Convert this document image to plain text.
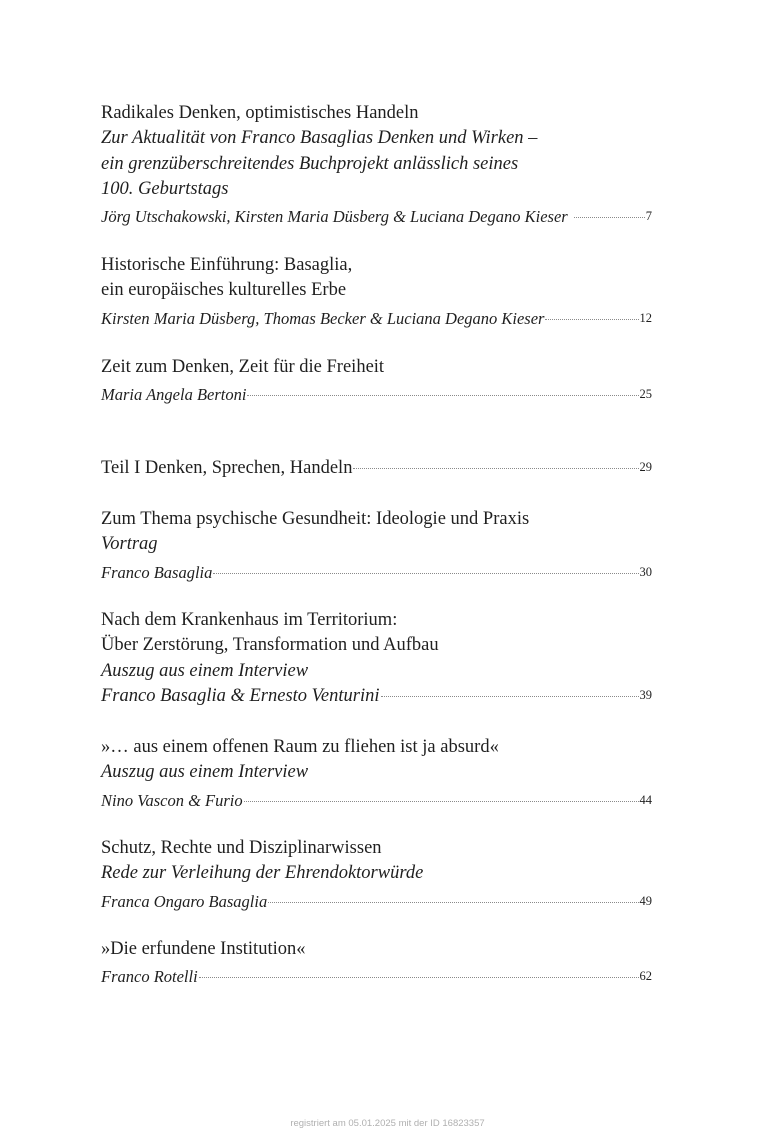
Radikales Denken, optimistisches Handeln
Zur Aktualität von Franco Basaglias Denken und Wirken –
ein grenzüberschreitendes Buchprojekt anlässlich seines
100. Geburtstags
Jörg Utschakowski, Kirsten Maria Düsberg & Luciana Degano Kieser	7
Historische Einführung: Basaglia,
ein europäisches kulturelles Erbe
Kirsten Maria Düsberg, Thomas Becker & Luciana Degano Kieser	12
Zeit zum Denken, Zeit für die Freiheit
Maria Angela Bertoni	25
Teil I Denken, Sprechen, Handeln	29
Zum Thema psychische Gesundheit: Ideologie und Praxis
Vortrag
Franco Basaglia	30
Nach dem Krankenhaus im Territorium:
Über Zerstörung, Transformation und Aufbau
Auszug aus einem Interview
Franco Basaglia & Ernesto Venturini	39
»… aus einem offenen Raum zu fliehen ist ja absurd«
Auszug aus einem Interview
Nino Vascon & Furio	44
Schutz, Rechte und Disziplinarwissen
Rede zur Verleihung der Ehrendoktorwürde
Franca Ongaro Basaglia	49
»Die erfundene Institution«
Franco Rotelli	62
registriert am 05.01.2025 mit der ID 16823357
